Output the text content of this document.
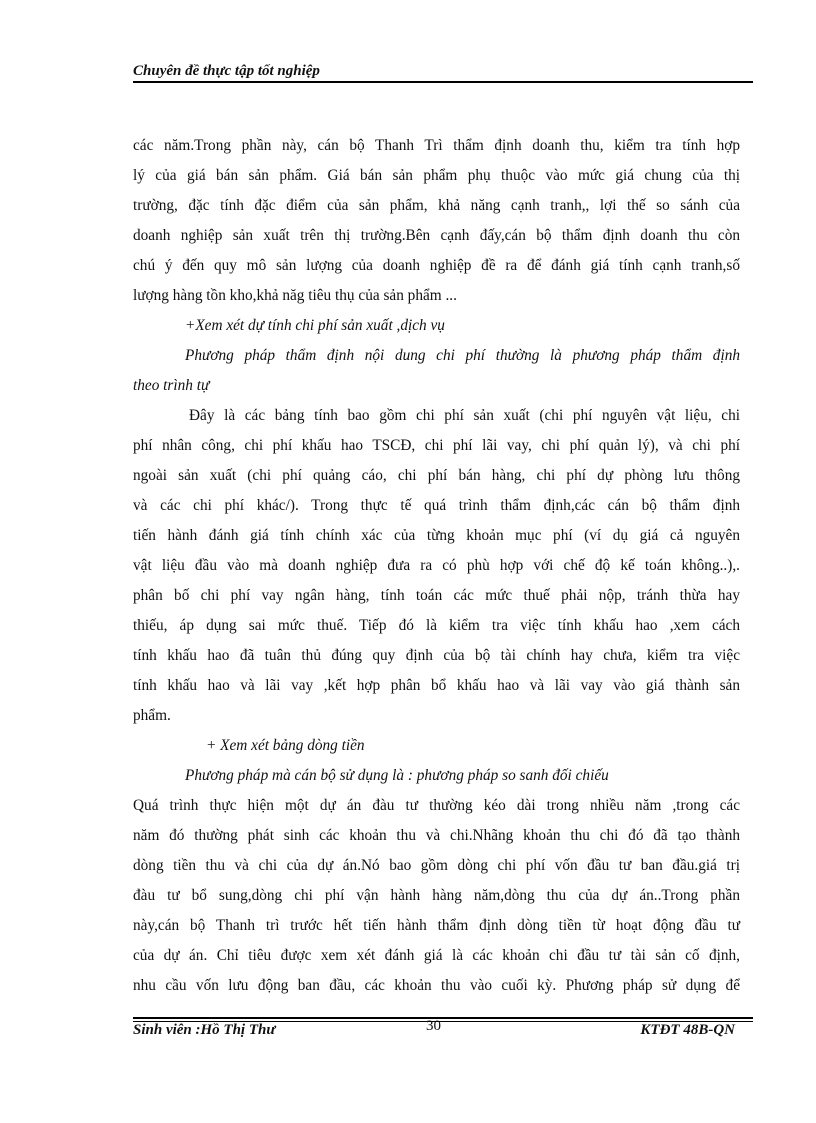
Chuyên đề thực tập tốt nghiệp
các năm.Trong phần này, cán bộ Thanh Trì thẩm định doanh thu, kiểm tra tính hợp
lý của giá bán sản phẩm. Giá bán sản phẩm phụ thuộc vào mức giá chung của thị
trường, đặc tính đặc điểm của sản phẩm, khả năng cạnh tranh,, lợi thế so sánh của
doanh nghiệp sản xuất trên thị trường.Bên cạnh đấy,cán bộ thẩm định doanh thu còn
chú ý đến quy mô sản lượng của doanh nghiệp đề ra để đánh giá tính cạnh tranh,số
lượng hàng tồn kho,khả năg tiêu thụ của sản phẩm ...
+Xem xét dự tính chi phí sản xuất ,dịch vụ
Phương pháp thẩm định nội dung chi phí thường là phương pháp thẩm định
theo trình tự
Đây là các bảng tính bao gồm chi phí sản xuất (chi phí nguyên vật liệu, chi
phí nhân công, chi phí khấu hao TSCĐ, chi phí lãi vay, chi phí quản lý), và chi phí
ngoài sản xuất (chi phí quảng cáo, chi phí bán hàng, chi phí dự phòng lưu thông
và các chi phí khác/). Trong thực tế quá trình thẩm định,các cán bộ thẩm định
tiến hành đánh giá tính chính xác của từng khoản mục phí (ví dụ giá cả nguyên
vật liệu đầu vào mà doanh nghiệp đưa ra có phù hợp với chế độ kế toán không..),.
phân bố chi phí vay ngân hàng, tính toán các mức thuế phải nộp, tránh thừa hay
thiếu, áp dụng sai mức thuế. Tiếp đó là kiểm tra việc tính khấu hao ,xem cách
tính khấu hao đã tuân thủ đúng quy định của bộ tài chính hay chưa, kiểm tra việc
tính khấu hao và lãi vay ,kết hợp phân bổ khấu hao và lãi vay vào giá thành sản
phẩm.
+ Xem xét bảng dòng tiền
Phương pháp mà cán bộ sử dụng là : phương pháp so sanh đối chiếu
Quá trình thực hiện một dự án đàu tư thường kéo dài trong nhiều năm ,trong các
năm đó thường phát sinh các khoản thu và chi.Nhãng khoản thu chi đó đã tạo thành
dòng tiền thu và chi của dự án.Nó bao gồm dòng chi phí vốn đầu tư ban đầu.giá trị
đàu tư bổ sung,dòng chi phí vận hành hàng năm,dòng thu của dự án..Trong phần
này,cán bộ Thanh trì trước hết tiến hành thẩm định dòng tiền từ hoạt động đầu tư
của dự án. Chỉ tiêu được xem xét đánh giá là các khoản chi đầu tư tài sản cố định,
nhu cầu vốn lưu động ban đầu, các khoản thu vào cuối kỳ. Phương pháp sử dụng để
Sinh viên :Hồ Thị Thư	30	KTĐT 48B-QN
